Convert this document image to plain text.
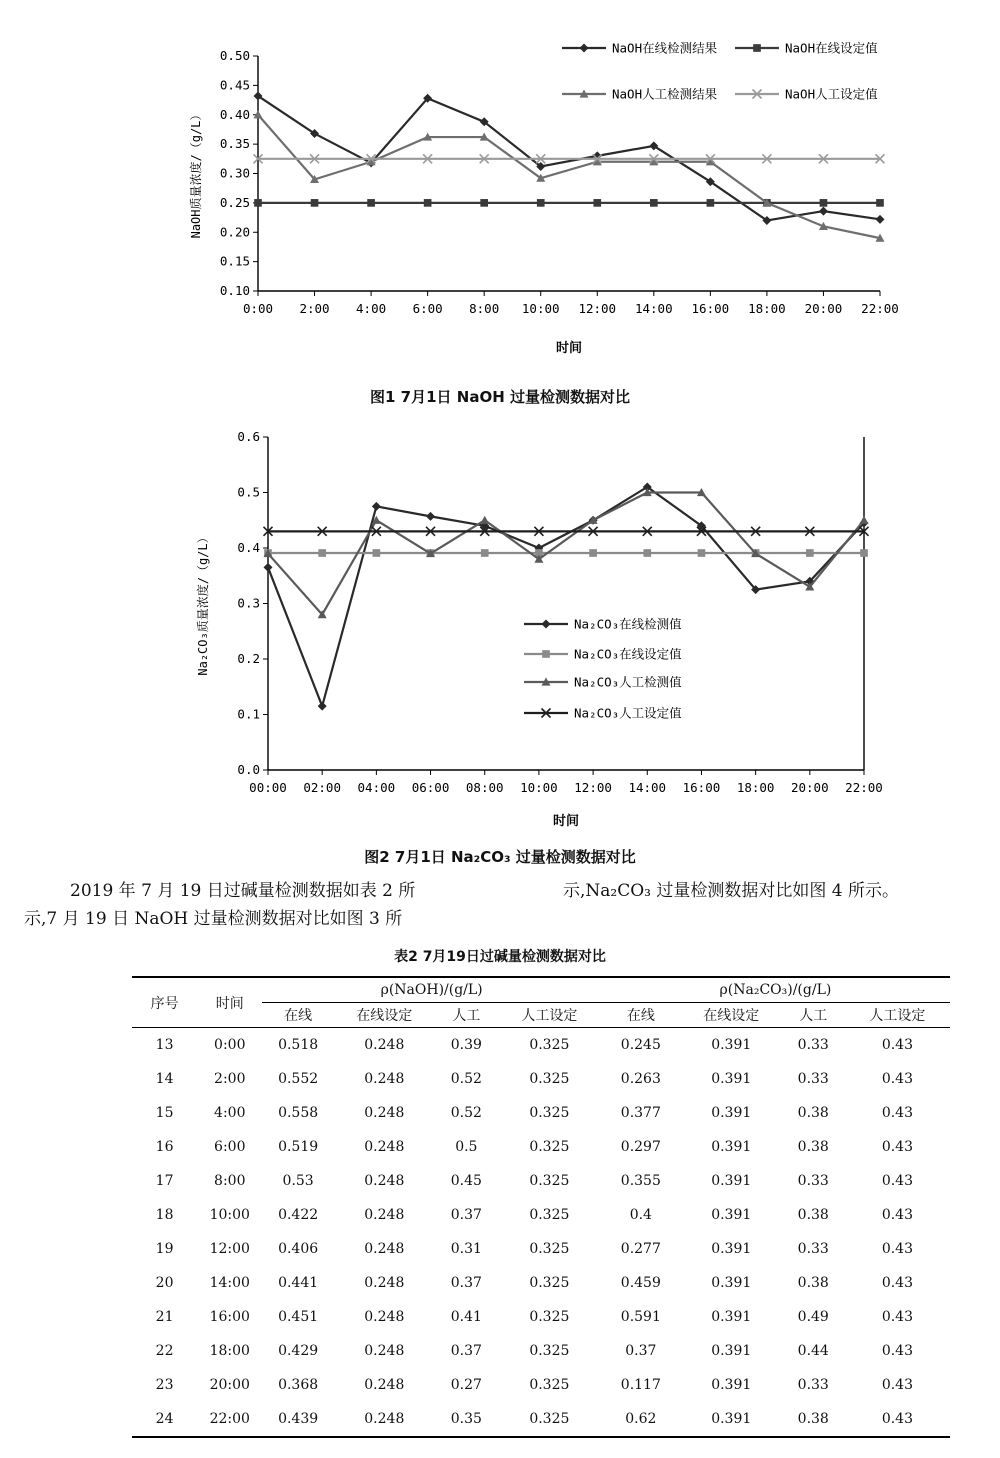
0.10
0.15
0.20
0.25
0.30
0.35
0.40
0.45
0.50
0:00 2:00 4:00 6:00 8:00 10:00 12:00 14:00 16:00 18:00 20:00 22:00
时间
NaOH质量浓度/（g/L）
NaOH在线检测结果	NaOH在线设定值
NaOH人工检测结果	NaOH人工设定值
图1 7月1日 NaOH 过量检测数据对比
0.0
0.1
0.2
0.3
0.4
0.5
0.6
00:00 02:00 04:00 06:00 08:00 10:00 12:00 14:00 16:00 18:00 20:00 22:00
时间
Na₂CO₃质量浓度/（g/L）	Na₂CO₃在线检测值
Na₂CO₃在线设定值
Na₂CO₃人工检测值
Na₂CO₃人工设定值
图2 7月1日 Na₂CO₃ 过量检测数据对比
2019 年 7 月 19 日过碱量检测数据如表 2 所
示,7 月 19 日 NaOH 过量检测数据对比如图 3 所
示,Na₂CO₃ 过量检测数据对比如图 4 所示。
表2 7月19日过碱量检测数据对比
序号	时间	ρ(NaOH)/(g/L)				ρ(Na₂CO₃)/(g/L)			
		在线	在线设定	人工	人工设定	在线	在线设定	人工	人工设定
13	0:00	0.518	0.248	0.39	0.325	0.245	0.391	0.33	0.43
14	2:00	0.552	0.248	0.52	0.325	0.263	0.391	0.33	0.43
15	4:00	0.558	0.248	0.52	0.325	0.377	0.391	0.38	0.43
16	6:00	0.519	0.248	0.5	0.325	0.297	0.391	0.38	0.43
17	8:00	0.53	0.248	0.45	0.325	0.355	0.391	0.33	0.43
18	10:00	0.422	0.248	0.37	0.325	0.4	0.391	0.38	0.43
19	12:00	0.406	0.248	0.31	0.325	0.277	0.391	0.33	0.43
20	14:00	0.441	0.248	0.37	0.325	0.459	0.391	0.38	0.43
21	16:00	0.451	0.248	0.41	0.325	0.591	0.391	0.49	0.43
22	18:00	0.429	0.248	0.37	0.325	0.37	0.391	0.44	0.43
23	20:00	0.368	0.248	0.27	0.325	0.117	0.391	0.33	0.43
24	22:00	0.439	0.248	0.35	0.325	0.62	0.391	0.38	0.43
